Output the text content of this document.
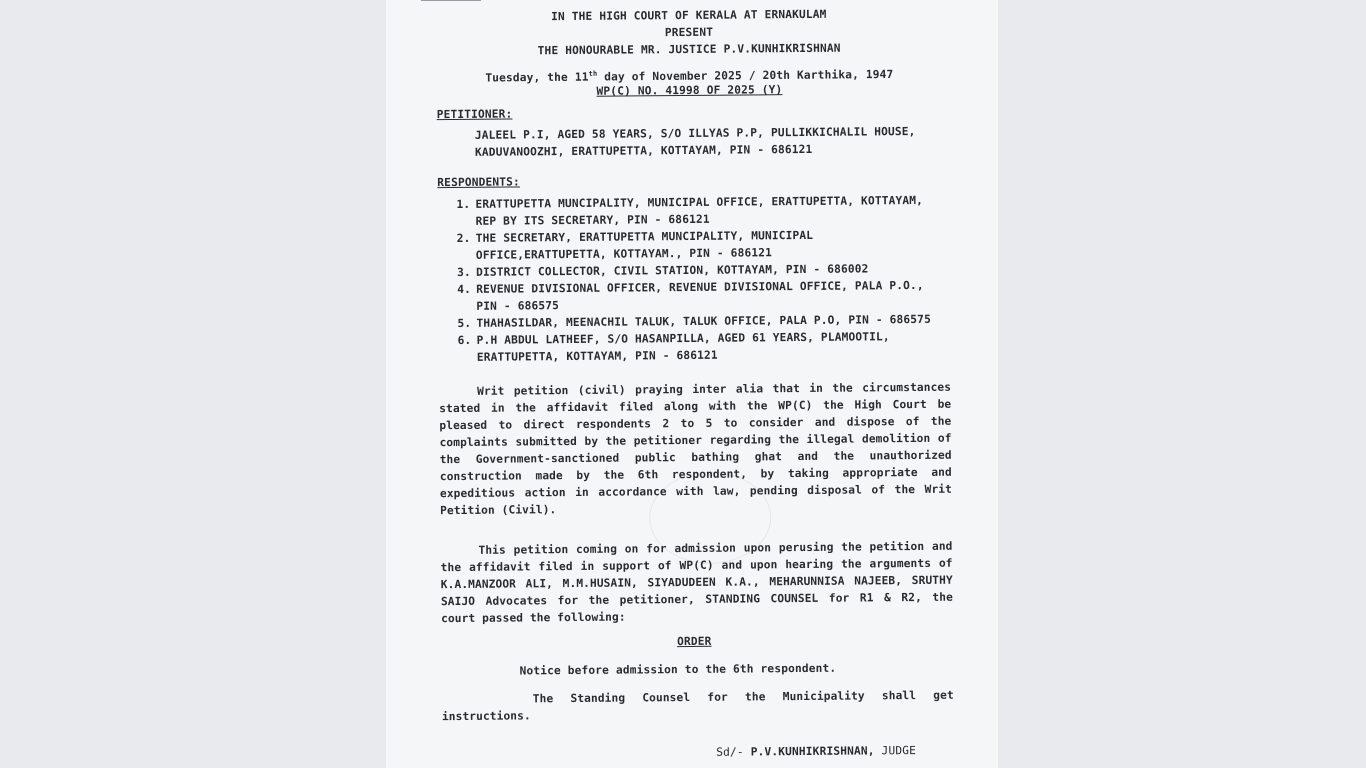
IN THE HIGH COURT OF KERALA AT ERNAKULAM
PRESENT
THE HONOURABLE MR. JUSTICE P.V.KUNHIKRISHNAN
Tuesday, the 11th day of November 2025 / 20th Karthika, 1947
WP(C) NO. 41998 OF 2025 (Y)
PETITIONER:
JALEEL P.I, AGED 58 YEARS, S/O ILLYAS P.P, PULLIKKICHALIL HOUSE,
KADUVANOOZHI, ERATTUPETTA, KOTTAYAM, PIN - 686121
RESPONDENTS:
1. ERATTUPETTA MUNCIPALITY, MUNICIPAL OFFICE, ERATTUPETTA, KOTTAYAM,
REP BY ITS SECRETARY, PIN - 686121
2. THE SECRETARY, ERATTUPETTA MUNCIPALITY, MUNICIPAL
OFFICE,ERATTUPETTA, KOTTAYAM., PIN - 686121
3. DISTRICT COLLECTOR, CIVIL STATION, KOTTAYAM, PIN - 686002
4. REVENUE DIVISIONAL OFFICER, REVENUE DIVISIONAL OFFICE, PALA P.O.,
PIN - 686575
5. THAHASILDAR, MEENACHIL TALUK, TALUK OFFICE, PALA P.O, PIN - 686575
6. P.H ABDUL LATHEEF, S/O HASANPILLA, AGED 61 YEARS, PLAMOOTIL,
ERATTUPETTA, KOTTAYAM, PIN - 686121
Writ petition (civil) praying inter alia that in the circumstances stated in the affidavit filed along with the WP(C) the High Court be pleased to direct respondents 2 to 5 to consider and dispose of the complaints submitted by the petitioner regarding the illegal demolition of the Government-sanctioned public bathing ghat and the unauthorized construction made by the 6th respondent, by taking appropriate and expeditious action in accordance with law, pending disposal of the Writ Petition (Civil).
This petition coming on for admission upon perusing the petition and the affidavit filed in support of WP(C) and upon hearing the arguments of K.A.MANZOOR ALI, M.M.HUSAIN, SIYADUDEEN K.A., MEHARUNNISA NAJEEB, SRUTHY SAIJO Advocates for the petitioner, STANDING COUNSEL for R1 & R2, the court passed the following:
ORDER
Notice before admission to the 6th respondent.
The Standing Counsel for the Municipality shall get instructions.
Sd/- P.V.KUNHIKRISHNAN, JUDGE
